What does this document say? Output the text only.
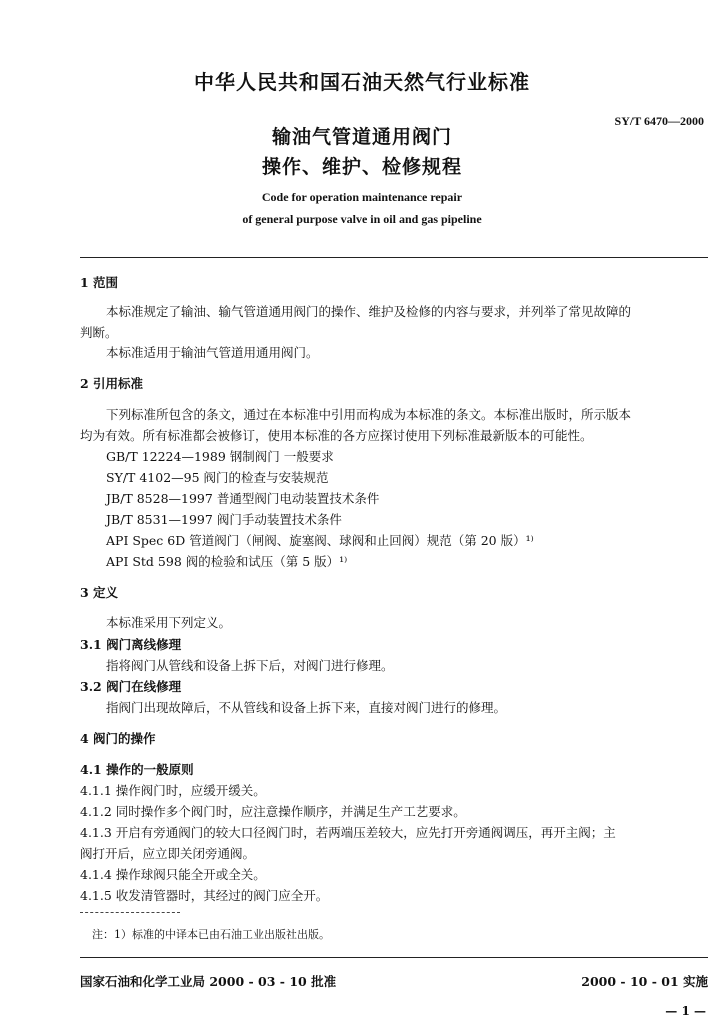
中华人民共和国石油天然气行业标准
SY/T 6470—2000
输油气管道通用阀门
操作、维护、检修规程
Code for operation maintenance repair
of general purpose valve in oil and gas pipeline
1 范围
本标准规定了输油、输气管道通用阀门的操作、维护及检修的内容与要求，并列举了常见故障的
判断。
本标准适用于输油气管道用通用阀门。
2 引用标准
下列标准所包含的条文，通过在本标准中引用而构成为本标准的条文。本标准出版时，所示版本
均为有效。所有标准都会被修订，使用本标准的各方应探讨使用下列标准最新版本的可能性。
GB/T 12224—1989 钢制阀门 一般要求
SY/T 4102—95 阀门的检查与安装规范
JB/T 8528—1997 普通型阀门电动装置技术条件
JB/T 8531—1997 阀门手动装置技术条件
API Spec 6D 管道阀门（闸阀、旋塞阀、球阀和止回阀）规范（第 20 版）¹⁾
API Std 598 阀的检验和试压（第 5 版）¹⁾
3 定义
本标准采用下列定义。
3.1 阀门离线修理
指将阀门从管线和设备上拆下后，对阀门进行修理。
3.2 阀门在线修理
指阀门出现故障后，不从管线和设备上拆下来，直接对阀门进行的修理。
4 阀门的操作
4.1 操作的一般原则
4.1.1 操作阀门时，应缓开缓关。
4.1.2 同时操作多个阀门时，应注意操作顺序，并满足生产工艺要求。
4.1.3 开启有旁通阀门的较大口径阀门时，若两端压差较大，应先打开旁通阀调压，再开主阀；主
阀打开后，应立即关闭旁通阀。
4.1.4 操作球阀只能全开或全关。
4.1.5 收发清管器时，其经过的阀门应全开。
注：1）标准的中译本已由石油工业出版社出版。
国家石油和化学工业局 2000 - 03 - 10 批准	2000 - 10 - 01 实施
— 1 —
